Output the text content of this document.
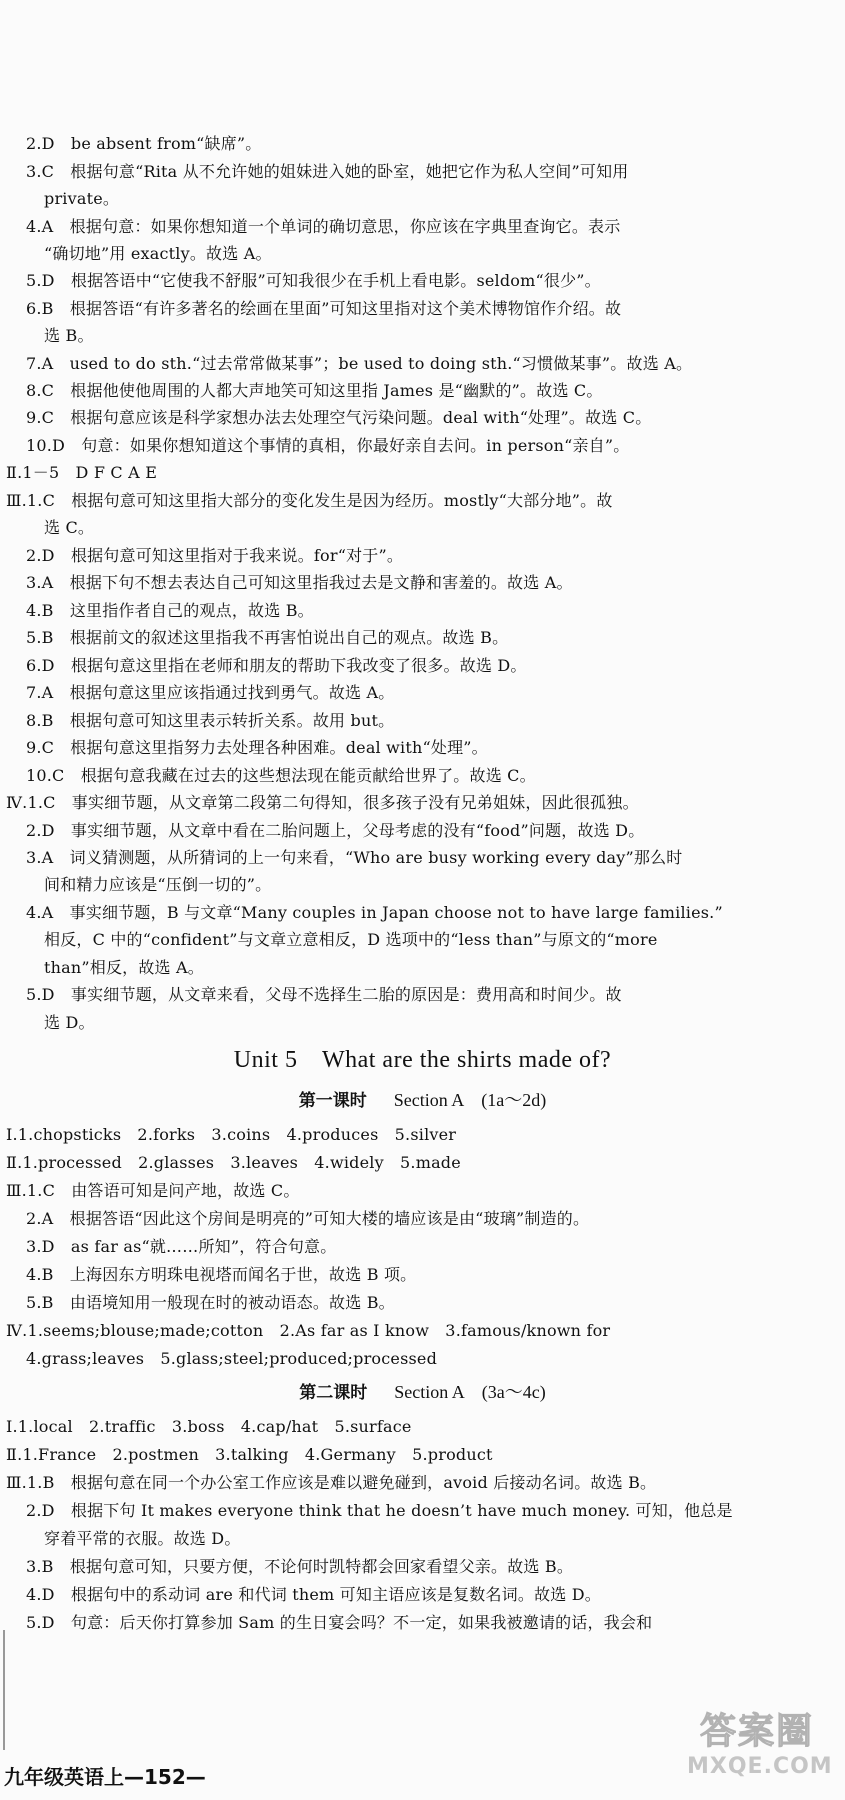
2.D　be absent from“缺席”。
3.C　根据句意“Rita 从不允许她的姐妹进入她的卧室，她把它作为私人空间”可知用
private。
4.A　根据句意：如果你想知道一个单词的确切意思，你应该在字典里查询它。表示
“确切地”用 exactly。故选 A。
5.D　根据答语中“它使我不舒服”可知我很少在手机上看电影。seldom“很少”。
6.B　根据答语“有许多著名的绘画在里面”可知这里指对这个美术博物馆作介绍。故
选 B。
7.A　used to do sth.“过去常常做某事”；be used to doing sth.“习惯做某事”。故选 A。
8.C　根据他使他周围的人都大声地笑可知这里指 James 是“幽默的”。故选 C。
9.C　根据句意应该是科学家想办法去处理空气污染问题。deal with“处理”。故选 C。
10.D　句意：如果你想知道这个事情的真相，你最好亲自去问。in person“亲自”。
Ⅱ.1－5　D F C A E
Ⅲ.1.C　根据句意可知这里指大部分的变化发生是因为经历。mostly“大部分地”。故
选 C。
2.D　根据句意可知这里指对于我来说。for“对于”。
3.A　根据下句不想去表达自己可知这里指我过去是文静和害羞的。故选 A。
4.B　这里指作者自己的观点，故选 B。
5.B　根据前文的叙述这里指我不再害怕说出自己的观点。故选 B。
6.D　根据句意这里指在老师和朋友的帮助下我改变了很多。故选 D。
7.A　根据句意这里应该指通过找到勇气。故选 A。
8.B　根据句意可知这里表示转折关系。故用 but。
9.C　根据句意这里指努力去处理各种困难。deal with“处理”。
10.C　根据句意我藏在过去的这些想法现在能贡献给世界了。故选 C。
Ⅳ.1.C　事实细节题，从文章第二段第二句得知，很多孩子没有兄弟姐妹，因此很孤独。
2.D　事实细节题，从文章中看在二胎问题上，父母考虑的没有“food”问题，故选 D。
3.A　词义猜测题，从所猜词的上一句来看，“Who are busy working every day”那么时
间和精力应该是“压倒一切的”。
4.A　事实细节题，B 与文章“Many couples in Japan choose not to have large families.”
相反，C 中的“confident”与文章立意相反，D 选项中的“less than”与原文的“more
than”相反，故选 A。
5.D　事实细节题，从文章来看，父母不选择生二胎的原因是：费用高和时间少。故
选 D。
Unit 5　What are the shirts made of?
第一课时 　 Section A　(1a～2d)
Ⅰ.1.chopsticks　2.forks　3.coins　4.produces　5.silver
Ⅱ.1.processed　2.glasses　3.leaves　4.widely　5.made
Ⅲ.1.C　由答语可知是问产地，故选 C。
2.A　根据答语“因此这个房间是明亮的”可知大楼的墙应该是由“玻璃”制造的。
3.D　as far as“就……所知”，符合句意。
4.B　上海因东方明珠电视塔而闻名于世，故选 B 项。
5.B　由语境知用一般现在时的被动语态。故选 B。
Ⅳ.1.seems;blouse;made;cotton　2.As far as I know　3.famous/known for
4.grass;leaves　5.glass;steel;produced;processed
第二课时 　 Section A　(3a～4c)
Ⅰ.1.local　2.traffic　3.boss　4.cap/hat　5.surface
Ⅱ.1.France　2.postmen　3.talking　4.Germany　5.product
Ⅲ.1.B　根据句意在同一个办公室工作应该是难以避免碰到，avoid 后接动名词。故选 B。
2.D　根据下句 It makes everyone think that he doesn’t have much money. 可知，他总是
穿着平常的衣服。故选 D。
3.B　根据句意可知，只要方便，不论何时凯特都会回家看望父亲。故选 B。
4.D　根据句中的系动词 are 和代词 them 可知主语应该是复数名词。故选 D。
5.D　句意：后天你打算参加 Sam 的生日宴会吗？不一定，如果我被邀请的话，我会和
九年级英语上—152—
答案圈
MXQE.COM
